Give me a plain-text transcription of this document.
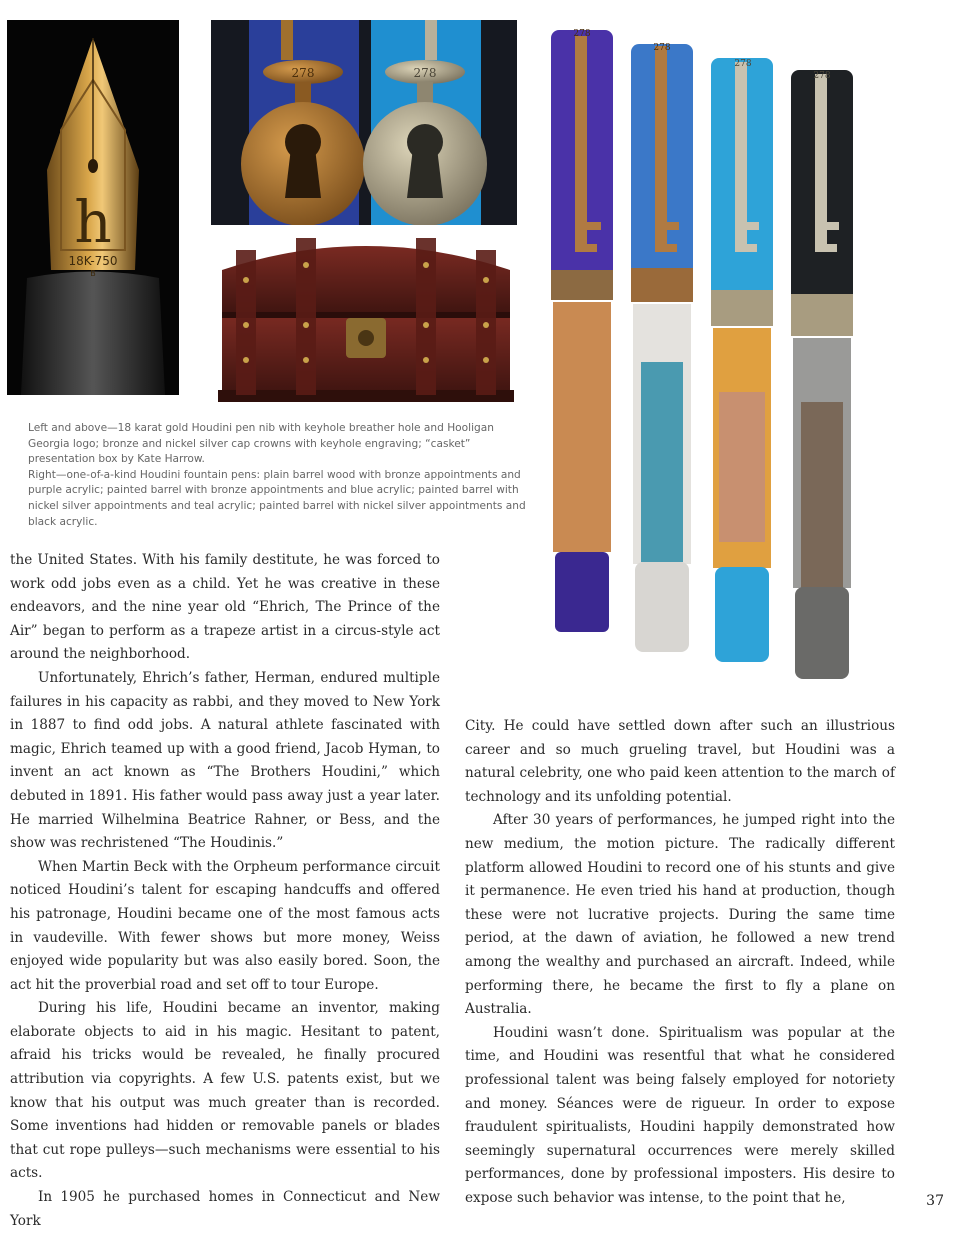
h
18K-750
B
278	278
278
278
278
278

Left and above—18 karat gold Houdini pen nib with keyhole breather hole and Hooligan Georgia logo; bronze and nickel silver cap crowns with keyhole engraving; “casket” presentation box by Kate Harrow.

Right—one-of-a-kind Houdini fountain pens: plain barrel wood with bronze appointments and purple acrylic; painted barrel with bronze appointments and blue acrylic; painted barrel with nickel silver appointments and teal acrylic; painted barrel with nickel silver appointments and black acrylic.

the United States. With his family destitute, he was forced to work odd jobs even as a child. Yet he was creative in these endeavors, and the nine year old “Ehrich, The Prince of the Air” began to perform as a trapeze artist in a circus-style act around the neighborhood.

Unfortunately, Ehrich’s father, Herman, endured multiple failures in his capacity as rabbi, and they moved to New York in 1887 to find odd jobs. A natural athlete fascinated with magic, Ehrich teamed up with a good friend, Jacob Hyman, to invent an act known as “The Brothers Houdini,” which debuted in 1891. His father would pass away just a year later. He married Wilhelmina Beatrice Rahner, or Bess, and the show was rechristened “The Houdinis.”

When Martin Beck with the Orpheum performance circuit noticed Houdini’s talent for escaping handcuffs and offered his patronage, Houdini became one of the most famous acts in vaudeville. With fewer shows but more money, Weiss enjoyed wide popularity but was also easily bored. Soon, the act hit the proverbial road and set off to tour Europe.

During his life, Houdini became an inventor, making elaborate objects to aid in his magic. Hesitant to patent, afraid his tricks would be revealed, he finally procured attribution via copyrights. A few U.S. patents exist, but we know that his output was much greater than is recorded. Some inventions had hidden or removable panels or blades that cut rope pulleys—such mechanisms were essential to his acts.

In 1905 he purchased homes in Connecticut and New York

City. He could have settled down after such an illustrious career and so much grueling travel, but Houdini was a natural celebrity, one who paid keen attention to the march of technology and its unfolding potential.

After 30 years of performances, he jumped right into the new medium, the motion picture. The radically different platform allowed Houdini to record one of his stunts and give it permanence. He even tried his hand at production, though these were not lucrative projects. During the same time period, at the dawn of aviation, he followed a new trend among the wealthy and purchased an aircraft. Indeed, while performing there, he became the first to fly a plane on Australia.

Houdini wasn’t done. Spiritualism was popular at the time, and Houdini was resentful that what he considered professional talent was being falsely employed for notoriety and money. Séances were de rigueur. In order to expose fraudulent spiritualists, Houdini happily demonstrated how seemingly supernatural occurrences were merely skilled performances, done by professional imposters. His desire to expose such behavior was intense, to the point that he,	37
